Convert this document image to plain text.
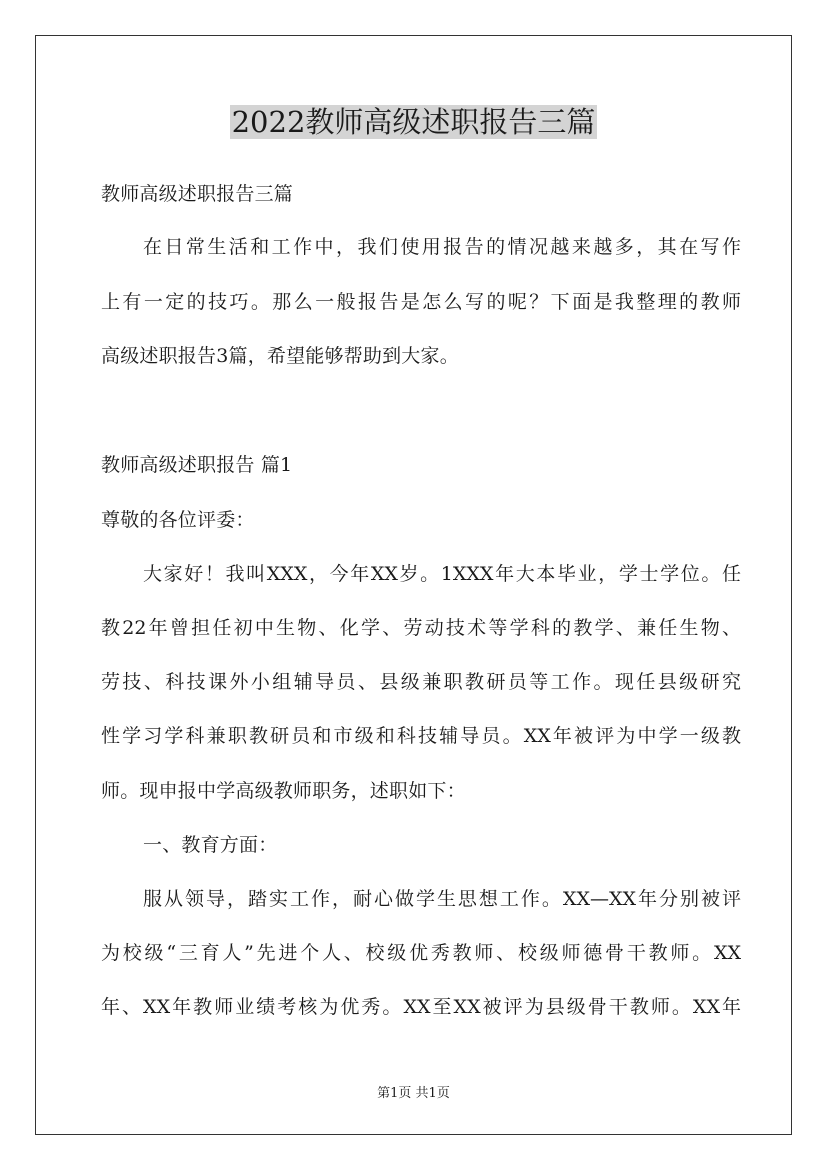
2022教师高级述职报告三篇
教师高级述职报告三篇
在日常生活和工作中，我们使用报告的情况越来越多，其在写作
上有一定的技巧。那么一般报告是怎么写的呢？下面是我整理的教师
高级述职报告3篇，希望能够帮助到大家。
教师高级述职报告 篇1
尊敬的各位评委：
大家好！我叫XXX，今年XX岁。1XXX年大本毕业，学士学位。任
教22年曾担任初中生物、化学、劳动技术等学科的教学、兼任生物、
劳技、科技课外小组辅导员、县级兼职教研员等工作。现任县级研究
性学习学科兼职教研员和市级和科技辅导员。XX年被评为中学一级教
师。现申报中学高级教师职务，述职如下：
一、教育方面：
服从领导，踏实工作，耐心做学生思想工作。XX—XX年分别被评
为校级“三育人”先进个人、校级优秀教师、校级师德骨干教师。XX
年、XX年教师业绩考核为优秀。XX至XX被评为县级骨干教师。XX年
第1页 共1页
